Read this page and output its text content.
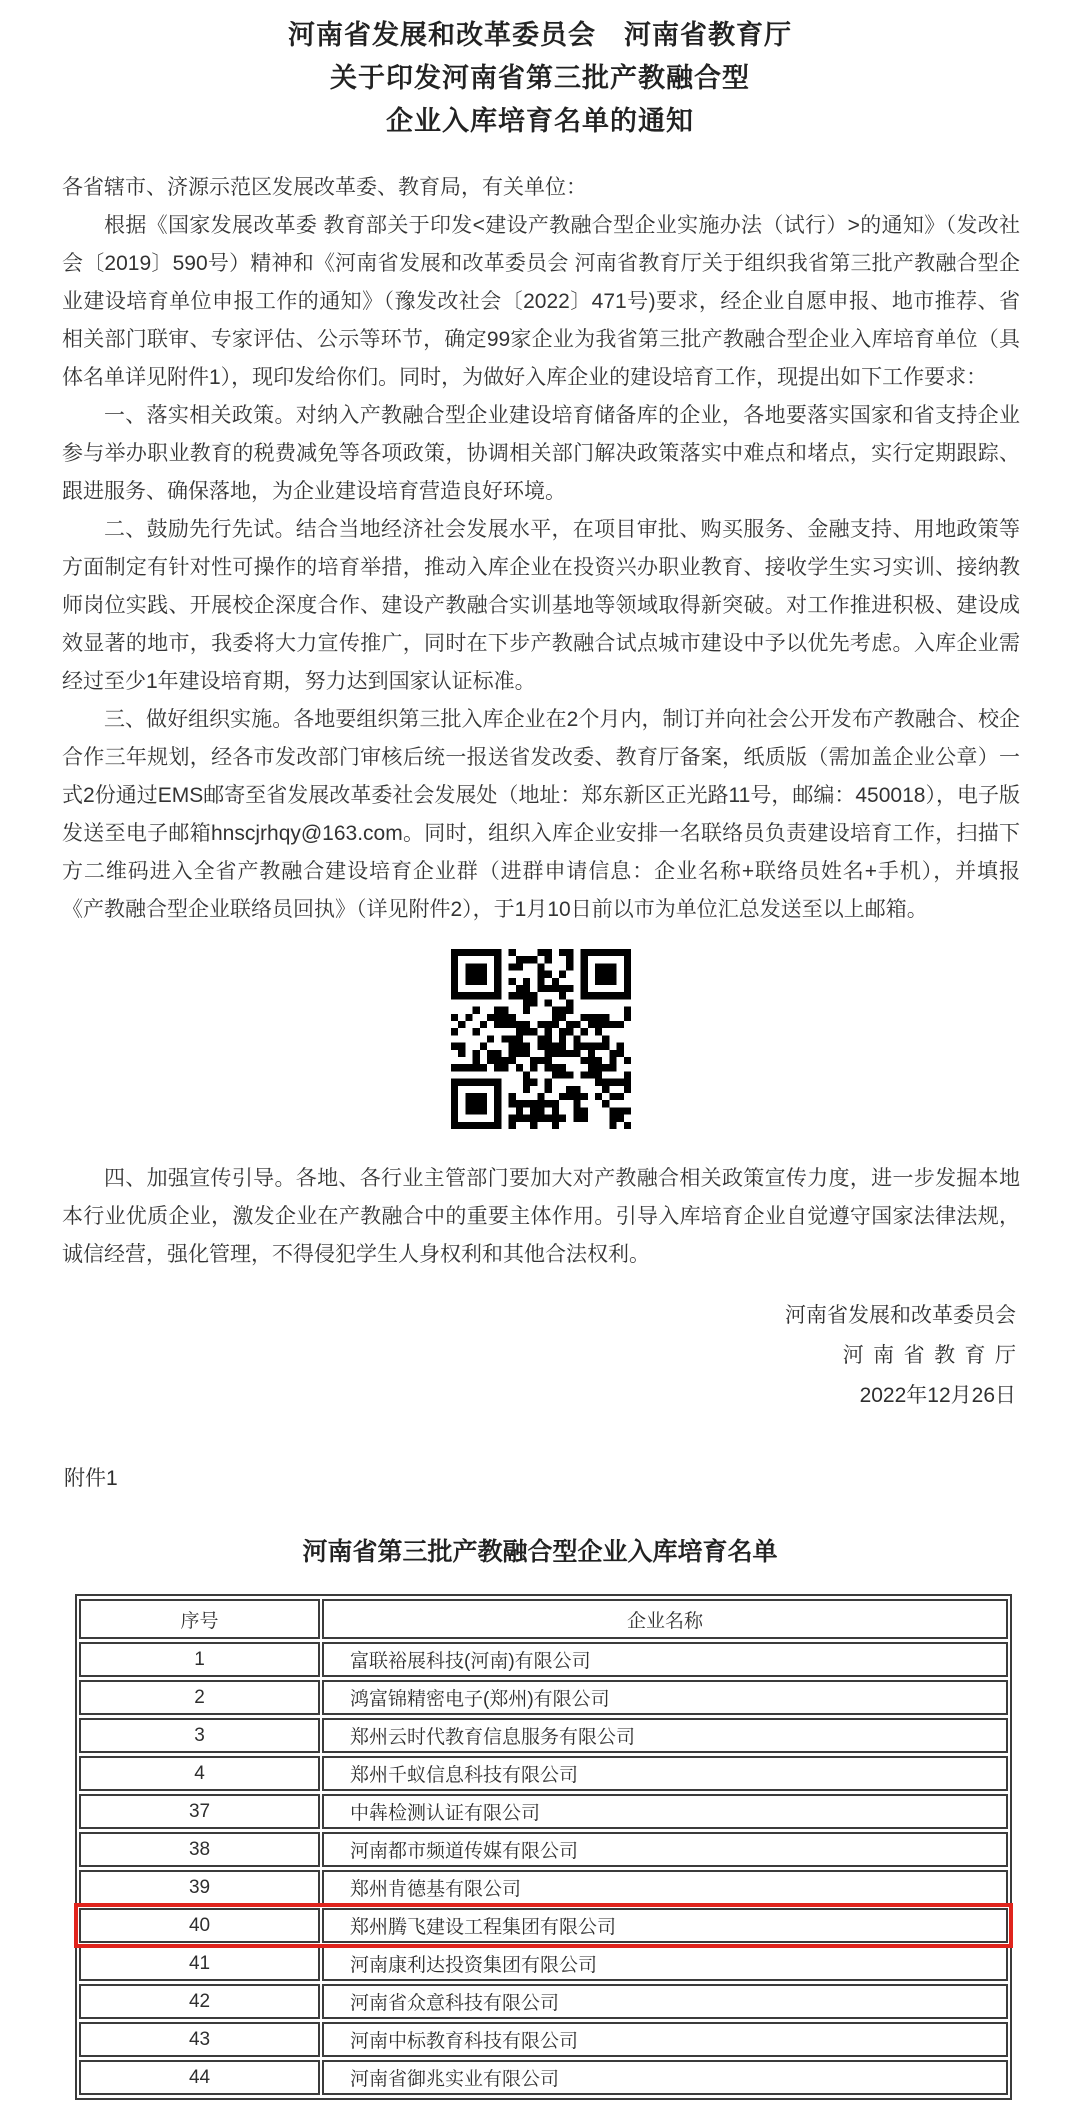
河南省发展和改革委员会　河南省教育厅
关于印发河南省第三批产教融合型
企业入库培育名单的通知

各省辖市、济源示范区发展改革委、教育局，有关单位：

根据《国家发展改革委 教育部关于印发<建设产教融合型企业实施办法（试行）>的通知》（发改社会〔2019〕590号）精神和《河南省发展和改革委员会 河南省教育厅关于组织我省第三批产教融合型企业建设培育单位申报工作的通知》（豫发改社会〔2022〕471号)要求，经企业自愿申报、地市推荐、省相关部门联审、专家评估、公示等环节，确定99家企业为我省第三批产教融合型企业入库培育单位（具体名单详见附件1），现印发给你们。同时，为做好入库企业的建设培育工作，现提出如下工作要求：

一、落实相关政策。对纳入产教融合型企业建设培育储备库的企业，各地要落实国家和省支持企业参与举办职业教育的税费减免等各项政策，协调相关部门解决政策落实中难点和堵点，实行定期跟踪、跟进服务、确保落地，为企业建设培育营造良好环境。

二、鼓励先行先试。结合当地经济社会发展水平，在项目审批、购买服务、金融支持、用地政策等方面制定有针对性可操作的培育举措，推动入库企业在投资兴办职业教育、接收学生实习实训、接纳教师岗位实践、开展校企深度合作、建设产教融合实训基地等领域取得新突破。对工作推进积极、建设成效显著的地市，我委将大力宣传推广，同时在下步产教融合试点城市建设中予以优先考虑。入库企业需经过至少1年建设培育期，努力达到国家认证标准。

三、做好组织实施。各地要组织第三批入库企业在2个月内，制订并向社会公开发布产教融合、校企合作三年规划，经各市发改部门审核后统一报送省发改委、教育厅备案，纸质版（需加盖企业公章）一式2份通过EMS邮寄至省发展改革委社会发展处（地址：郑东新区正光路11号，邮编：450018），电子版发送至电子邮箱hnscjrhqy@163.com。同时，组织入库企业安排一名联络员负责建设培育工作，扫描下方二维码进入全省产教融合建设培育企业群（进群申请信息：企业名称+联络员姓名+手机），并填报《产教融合型企业联络员回执》（详见附件2），于1月10日前以市为单位汇总发送至以上邮箱。

四、加强宣传引导。各地、各行业主管部门要加大对产教融合相关政策宣传力度，进一步发掘本地本行业优质企业，激发企业在产教融合中的重要主体作用。引导入库培育企业自觉遵守国家法律法规，诚信经营，强化管理，不得侵犯学生人身权利和其他合法权利。

河南省发展和改革委员会
河南省教育厅
2022年12月26日
附件1
河南省第三批产教融合型企业入库培育名单
序号	企业名称
1	富联裕展科技(河南)有限公司
2	鸿富锦精密电子(郑州)有限公司
3	郑州云时代教育信息服务有限公司
4	郑州千蚁信息科技有限公司
37	中犇检测认证有限公司
38	河南都市频道传媒有限公司
39	郑州肯德基有限公司
40	郑州腾飞建设工程集团有限公司
41	河南康利达投资集团有限公司
42	河南省众意科技有限公司
43	河南中标教育科技有限公司
44	河南省御兆实业有限公司
